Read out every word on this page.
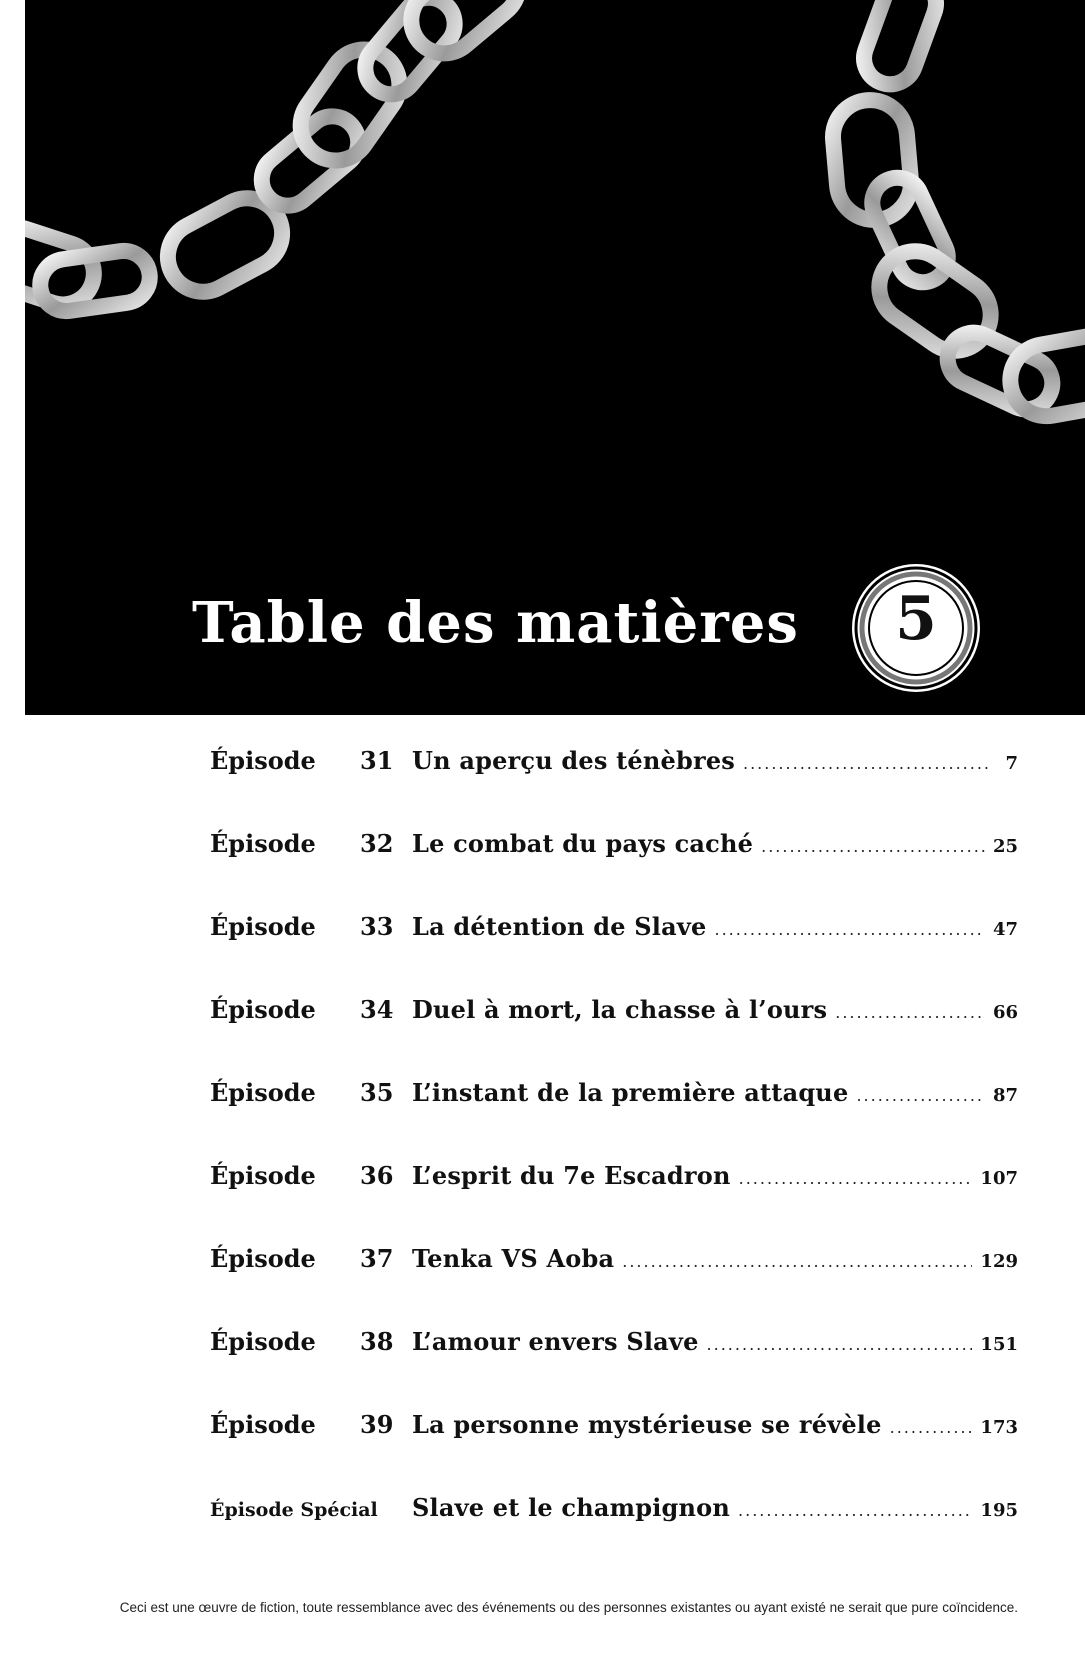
Table des matières	5
Épisode	31 Un aperçu des ténèbres .....	7
Épisode	32 Le combat du pays caché .....	25
Épisode	33 La détention de Slave .....	47
Épisode	34 Duel à mort, la chasse à l’ours .....	66
Épisode	35 L’instant de la première attaque .....	87
Épisode	36 L’esprit du 7e Escadron .....	107
Épisode	37 Tenka VS Aoba .....	129
Épisode	38 L’amour envers Slave .....	151
Épisode	39 La personne mystérieuse se révèle .....	173
Épisode Spécial Slave et le champignon .....	195
Ceci est une œuvre de fiction, toute ressemblance avec des événements ou des personnes existantes ou ayant existé ne serait que pure coïncidence.
